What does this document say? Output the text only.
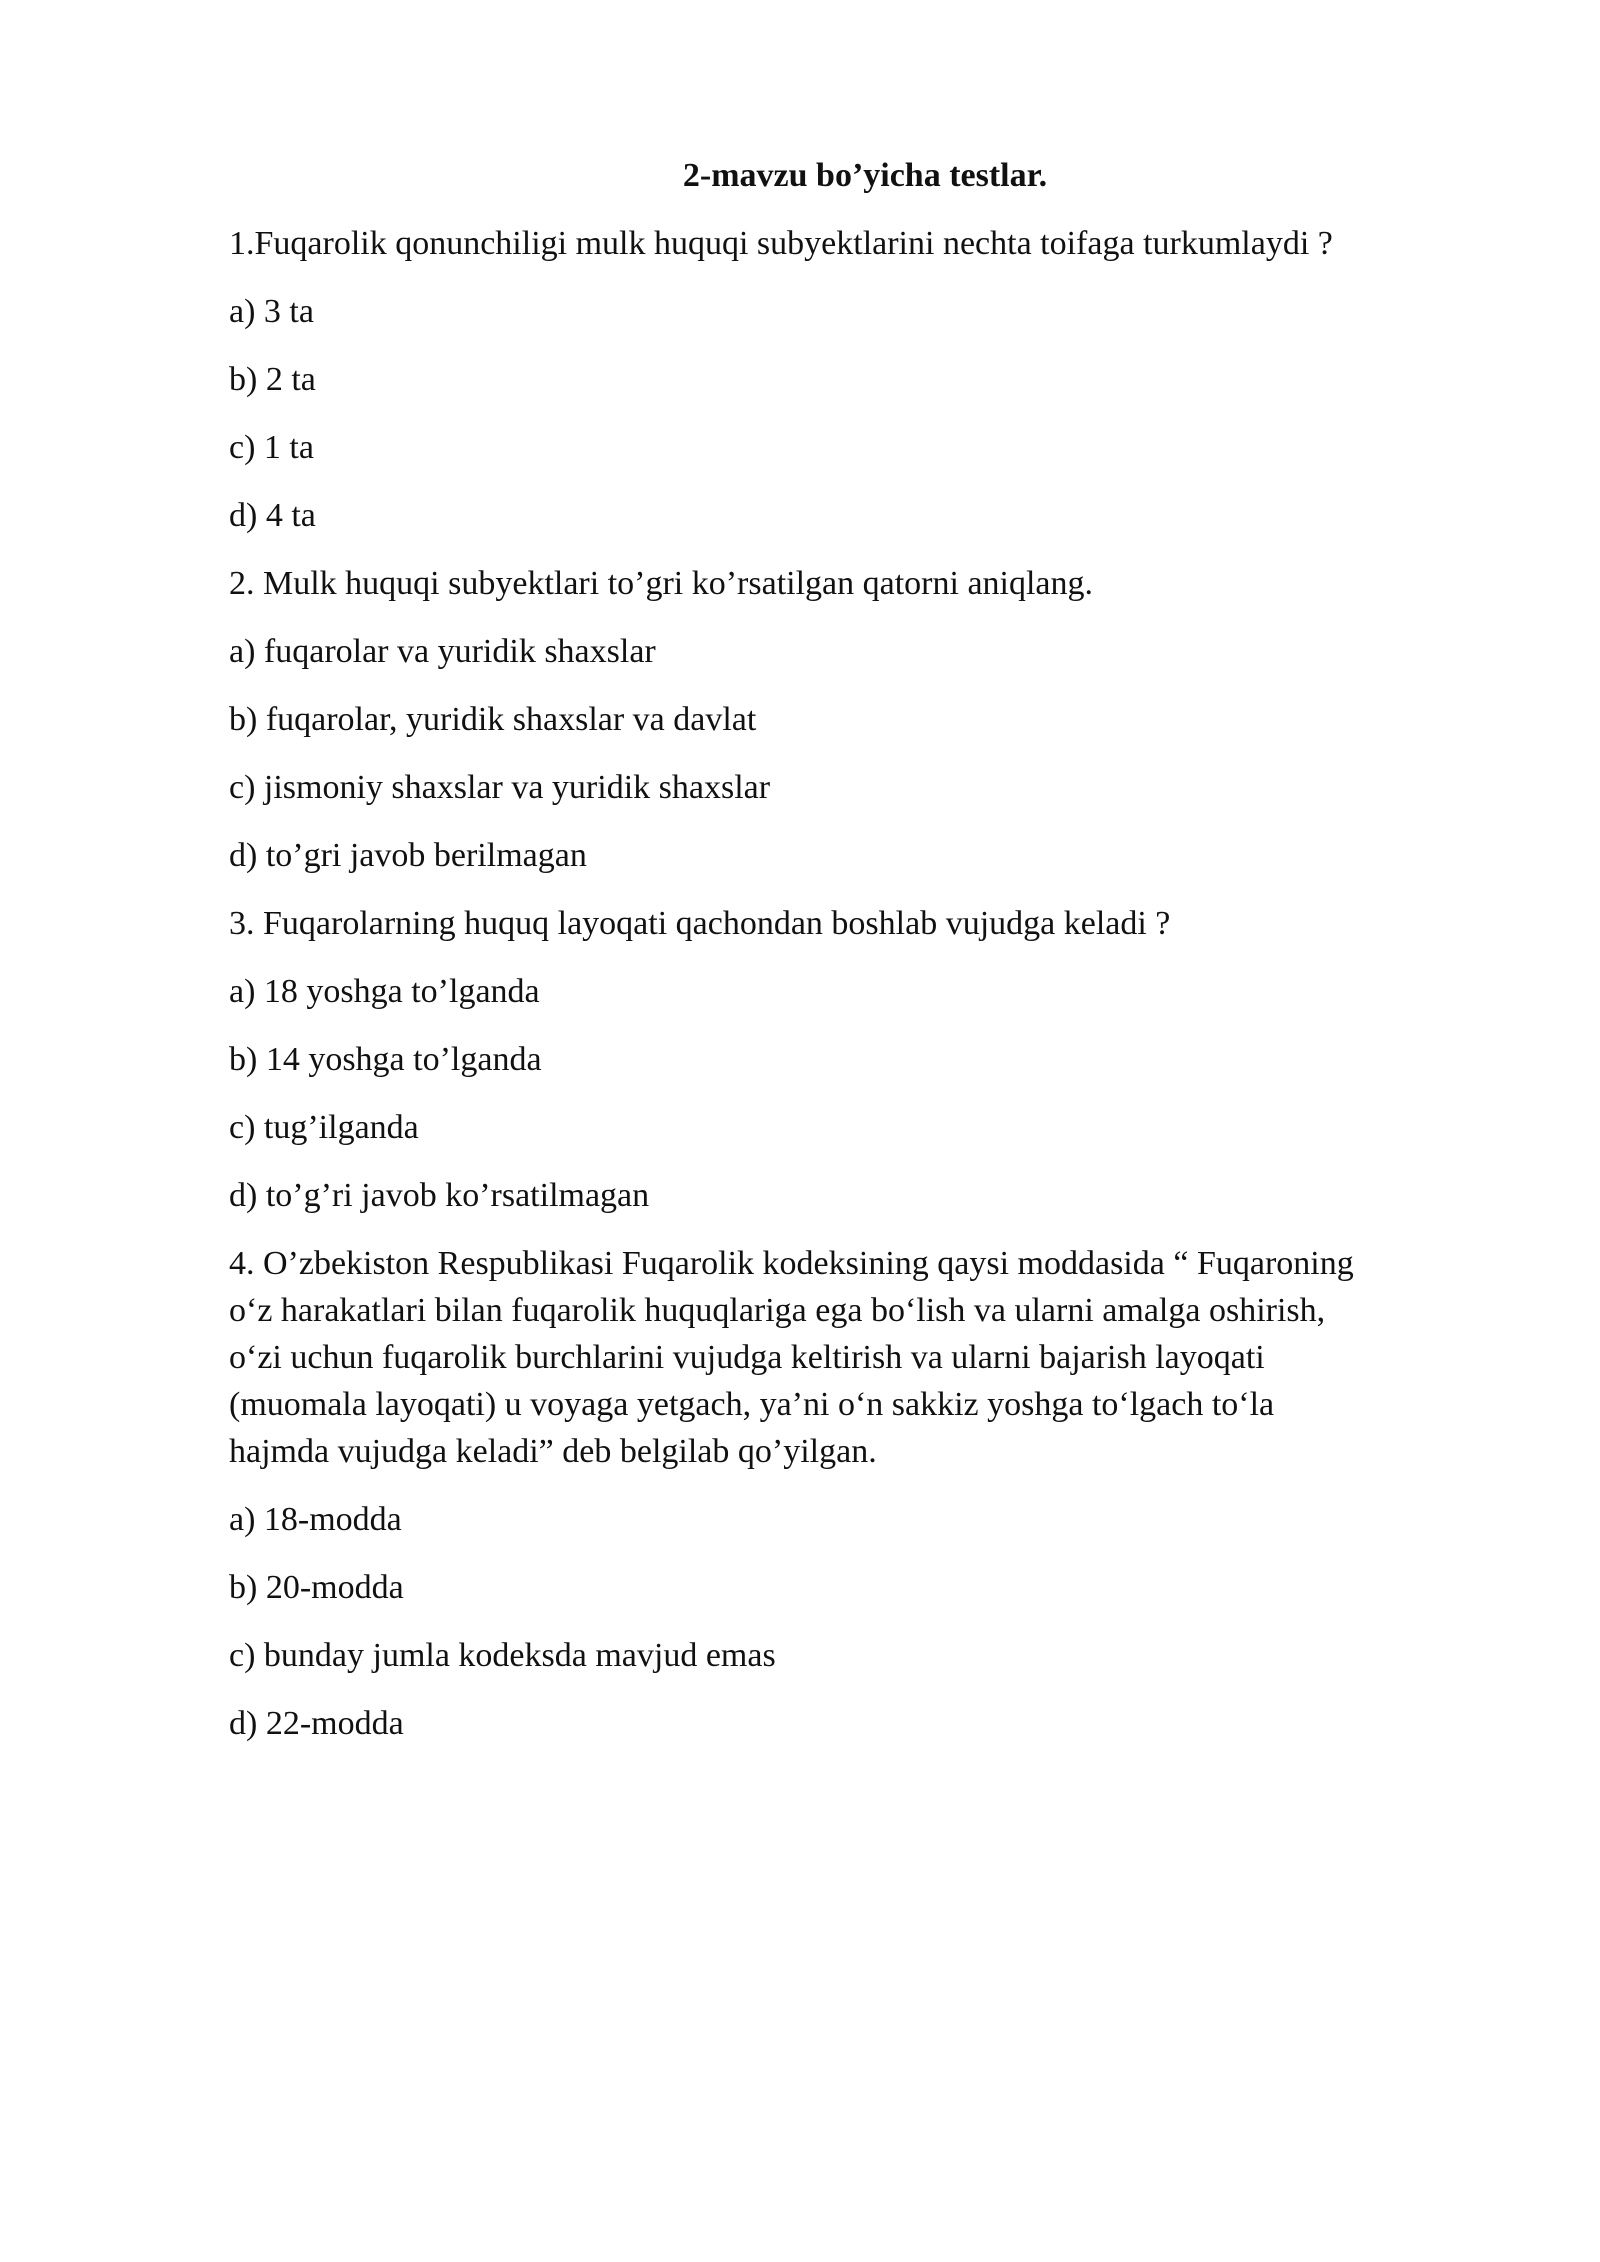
2-mavzu bo’yicha testlar.
1.Fuqarolik qonunchiligi mulk huquqi subyektlarini nechta toifaga turkumlaydi ?
a) 3 ta
b) 2 ta
c) 1 ta
d) 4 ta
2. Mulk huquqi subyektlari to’gri ko’rsatilgan qatorni aniqlang.
a) fuqarolar va yuridik shaxslar
b) fuqarolar, yuridik shaxslar va davlat
c) jismoniy shaxslar va yuridik shaxslar
d) to’gri javob berilmagan
3. Fuqarolarning huquq layoqati qachondan boshlab vujudga keladi ?
a) 18 yoshga to’lganda
b) 14 yoshga to’lganda
c) tug’ilganda
d) to’g’ri javob ko’rsatilmagan
4. O’zbekiston Respublikasi Fuqarolik kodeksining qaysi moddasida “ Fuqaroning
o‘z harakatlari bilan fuqarolik huquqlariga ega bo‘lish va ularni amalga oshirish,
o‘zi uchun fuqarolik burchlarini vujudga keltirish va ularni bajarish layoqati
(muomala layoqati) u voyaga yetgach, ya’ni o‘n sakkiz yoshga to‘lgach to‘la
hajmda vujudga keladi” deb belgilab qo’yilgan.
a) 18-modda
b) 20-modda
c) bunday jumla kodeksda mavjud emas
d) 22-modda
